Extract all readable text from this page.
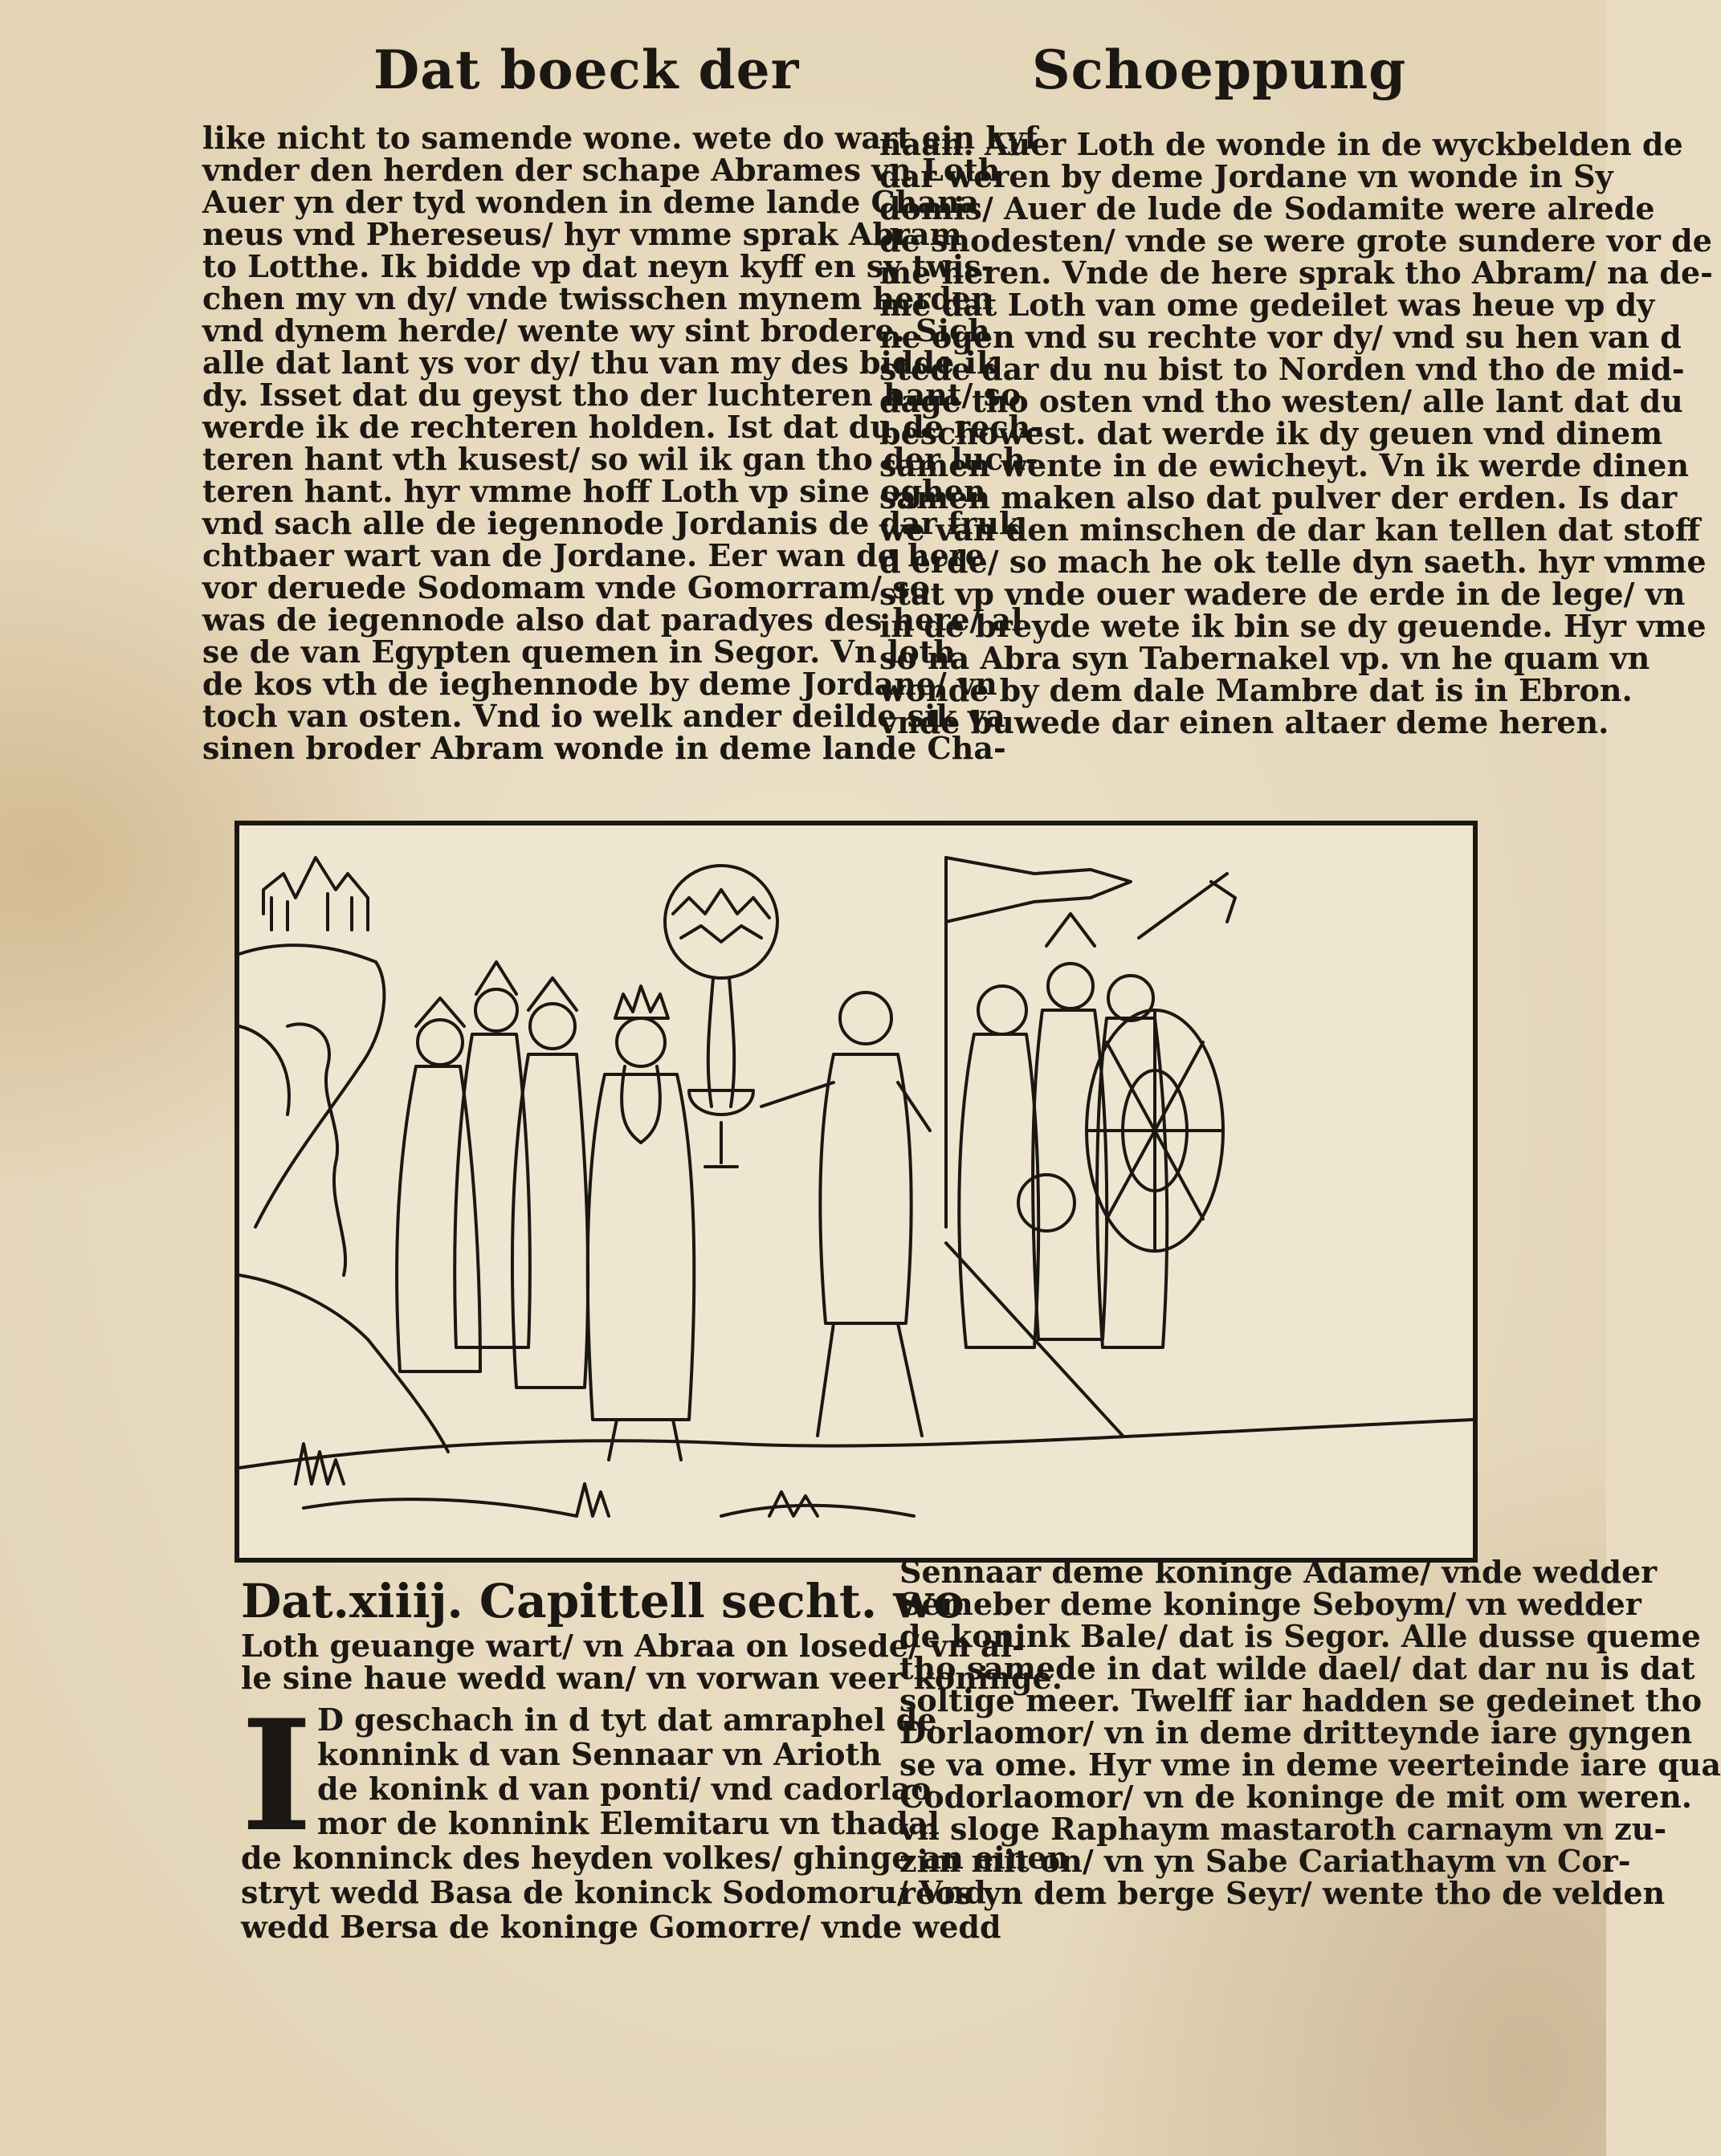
Dat boeck der	Schoeppung
like nicht to samende wone. wete do wart ein kyf
vnder den herden der schape Abrames vn Loth
Auer yn der tyd wonden in deme lande Chana
neus vnd Phereseus/ hyr vmme sprak Abram
to Lotthe. Ik bidde vp dat neyn kyff en sy twis-
chen my vn dy/ vnde twisschen mynem herden
vnd dynem herde/ wente wy sint brodere. Sich
alle dat lant ys vor dy/ thu van my des bidde ik
dy. Isset dat du geyst tho der luchteren hant/ so
werde ik de rechteren holden. Ist dat du de rech-
teren hant vth kusest/ so wil ik gan tho der luch-
teren hant. hyr vmme hoff Loth vp sine oghen
vnd sach alle de iegennode Jordanis de dar fruk
chtbaer wart van de Jordane. Eer wan de here
vor deruede Sodomam vnde Gomorram/ so
was de iegennode also dat paradyes des here/ al
se de van Egypten quemen in Segor. Vn loth
de kos vth de ieghennode by deme Jordane/ vn
toch van osten. Vnd io welk ander deilde sik va
sinen broder Abram wonde in deme lande Cha-
naan. Auer Loth de wonde in de wyckbelden de
dar weren by deme Jordane vn wonde in Sy
domis/ Auer de lude de Sodamite were alrede
de snodesten/ vnde se were grote sundere vor de
me heren. Vnde de here sprak tho Abram/ na de-
me dat Loth van ome gedeilet was heue vp dy
ne ogen vnd su rechte vor dy/ vnd su hen van d
stede dar du nu bist to Norden vnd tho de mid-
dage tho osten vnd tho westen/ alle lant dat du
beschowest. dat werde ik dy geuen vnd dinem
samen wente in de ewicheyt. Vn ik werde dinen
samen maken also dat pulver der erden. Is dar
we van den minschen de dar kan tellen dat stoff
d erde/ so mach he ok telle dyn saeth. hyr vmme
stat vp vnde ouer wadere de erde in de lege/ vn
in de breyde wete ik bin se dy geuende. Hyr vme
so na Abra syn Tabernakel vp. vn he quam vn
wonde by dem dale Mambre dat is in Ebron.
vnde buwede dar einen altaer deme heren.
Dat.xiiij. Capittell secht. wo
Loth geuange wart/ vn Abraa on losede/ vn al-
le sine haue wedd wan/ vn vorwan veer koninge.
I D geschach in d tyt dat amraphel de
konnink d van Sennaar vn Arioth
de konink d van ponti/ vnd cadorlao
mor de konnink Elemitaru vn thadal
de konninck des heyden volkes/ ghinge an einen
stryt wedd Basa de koninck Sodomoru/ Vnd
wedd Bersa de koninge Gomorre/ vnde wedd
Sennaar deme koninge Adame/ vnde wedder
Semeber deme koninge Seboym/ vn wedder
de konink Bale/ dat is Segor. Alle dusse queme
tho samede in dat wilde dael/ dat dar nu is dat
soltige meer. Twelff iar hadden se gedeinet tho
Dorlaomor/ vn in deme dritteynde iare gyngen
se va ome. Hyr vme in deme veerteinde iare qua
Codorlaomor/ vn de koninge de mit om weren.
vn sloge Raphaym mastaroth carnaym vn zu-
zim mit on/ vn yn Sabe Cariathaym vn Cor-
reos yn dem berge Seyr/ wente tho de velden
